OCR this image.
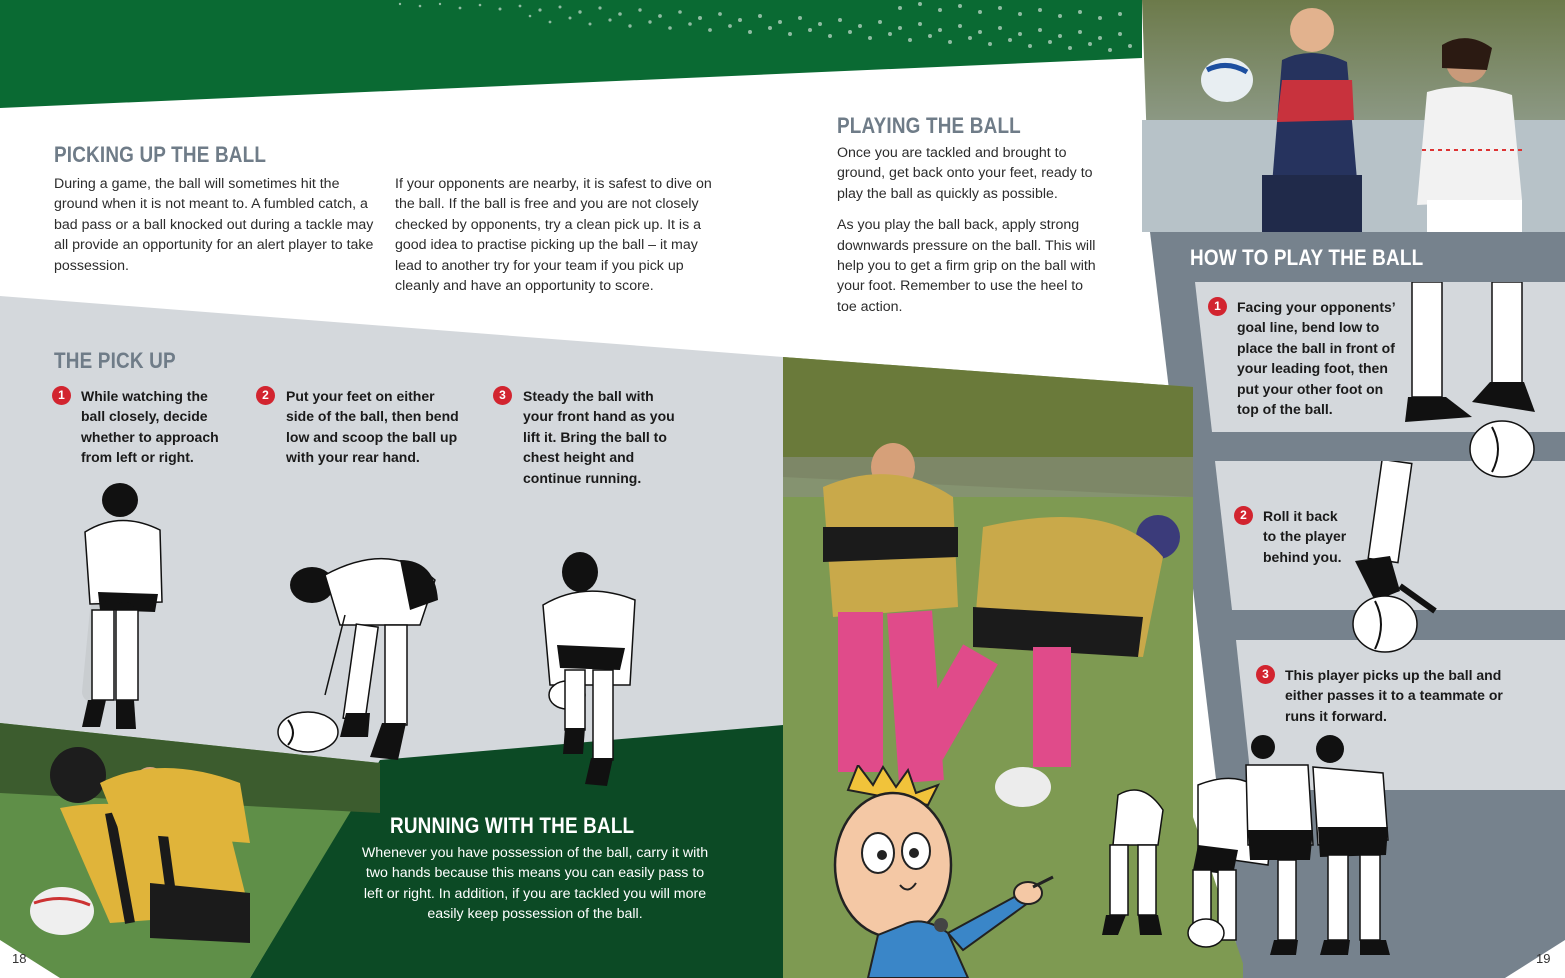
PICKING UP THE BALL

During a game, the ball will sometimes hit the ground when it is not meant to. A fumbled catch, a bad pass or a ball knocked out during a tackle may all provide an opportunity for an alert player to take possession.

If your opponents are nearby, it is safest to dive on the ball. If the ball is free and you are not closely checked by opponents, try a clean pick up. It is a good idea to practise picking up the ball – it may lead to another try for your team if you pick up cleanly and have an opportunity to score.

PLAYING THE BALL

Once you are tackled and brought to ground, get back onto your feet, ready to play the ball as quickly as possible.

As you play the ball back, apply strong downwards pressure on the ball. This will help you to get a firm grip on the ball with your foot. Remember to use the heel to toe action.

THE PICK UP
1	While watching the ball closely, decide whether to approach from left or right.
2	Put your feet on either side of the ball, then bend low and scoop the ball up with your rear hand.
3	Steady the ball with your front hand as you lift it. Bring the ball to chest height and continue running.
RUNNING WITH THE BALL
Whenever you have possession of the ball, carry it with two hands because this means you can easily pass to left or right. In addition, if you are tackled you will more easily keep possession of the ball.
HOW TO PLAY THE BALL
1	Facing your opponents’ goal line, bend low to place the ball in front of your leading foot, then put your other foot on top of the ball.
2	Roll it back to the player behind you.
3	This player picks up the ball and either passes it to a teammate or runs it forward.
18	19
